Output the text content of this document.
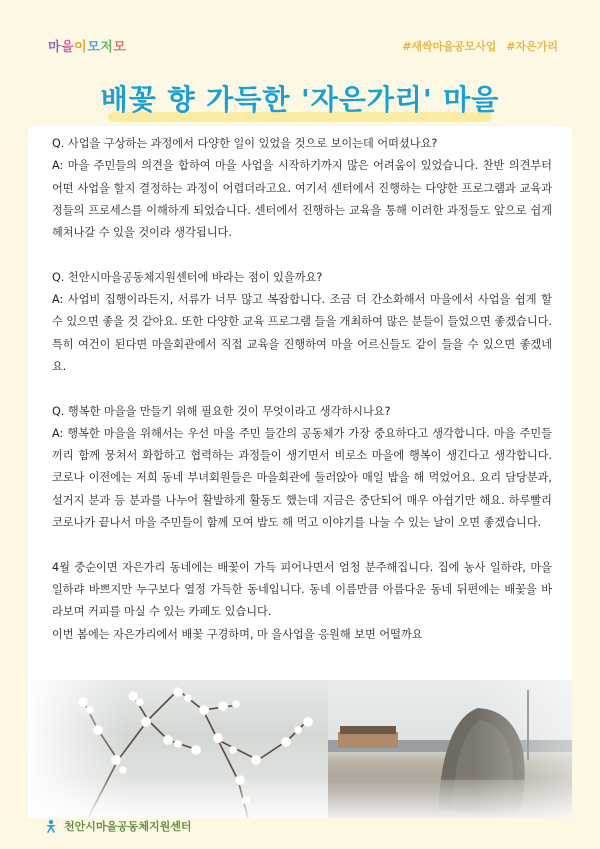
마을이모저모	#새싹마을공모사업 #자은가리
배꽃 향 가득한 '자은가리' 마을

Q. 사업을 구상하는 과정에서 다양한 일이 있었을 것으로 보이는데 어떠셨나요?

A: 마을 주민들의 의견을 합하여 마을 사업을 시작하기까지 많은 어려움이 있었습니다. 찬반 의견부터 어떤 사업을 할지 결정하는 과정이 어렵더라고요. 여기서 센터에서 진행하는 다양한 프로그램과 교육과정들의 프로세스를 이해하게 되었습니다. 센터에서 진행하는 교육을 통해 이러한 과정들도 앞으로 쉽게 헤쳐나갈 수 있을 것이라 생각됩니다.

Q. 천안시마을공동체지원센터에 바라는 점이 있을까요?

A: 사업비 집행이라든지, 서류가 너무 많고 복잡합니다. 조금 더 간소화해서 마을에서 사업을 쉽게 할 수 있으면 좋을 것 같아요. 또한 다양한 교육 프로그램 들을 개최하여 많은 분들이 들었으면 좋겠습니다. 특히 여건이 된다면 마을회관에서 직접 교육을 진행하여 마을 어르신들도 같이 들을 수 있으면 좋겠네요.

Q. 행복한 마을을 만들기 위해 필요한 것이 무엇이라고 생각하시나요?

A: 행복한 마을을 위해서는 우선 마을 주민 들간의 공동체가 가장 중요하다고 생각합니다. 마을 주민들끼리 함께 뭉쳐서 화합하고 협력하는 과정들이 생기면서 비로소 마을에 행복이 생긴다고 생각합니다. 코로나 이전에는 저희 동네 부녀회원들은 마을회관에 둘러앉아 매일 밥을 해 먹었어요. 요리 담당분과, 설거지 분과 등 분과를 나누어 활발하게 활동도 했는데 지금은 중단되어 매우 아쉽기만 해요. 하루빨리 코로나가 끝나서 마을 주민들이 함께 모여 밥도 해 먹고 이야기를 나눌 수 있는 날이 오면 좋겠습니다.

4월 중순이면 자은가리 동네에는 배꽃이 가득 피어나면서 엄청 분주해집니다. 집에 농사 일하랴, 마을 일하랴 바쁘지만 누구보다 열정 가득한 동네입니다. 동네 이름만큼 아름다운 동네 뒤편에는 배꽃을 바라보며 커피를 마실 수 있는 카페도 있습니다.

이번 봄에는 자은가리에서 배꽃 구경하며, 마 을사업을 응원해 보면 어떨까요

천안시마을공동체지원센터
